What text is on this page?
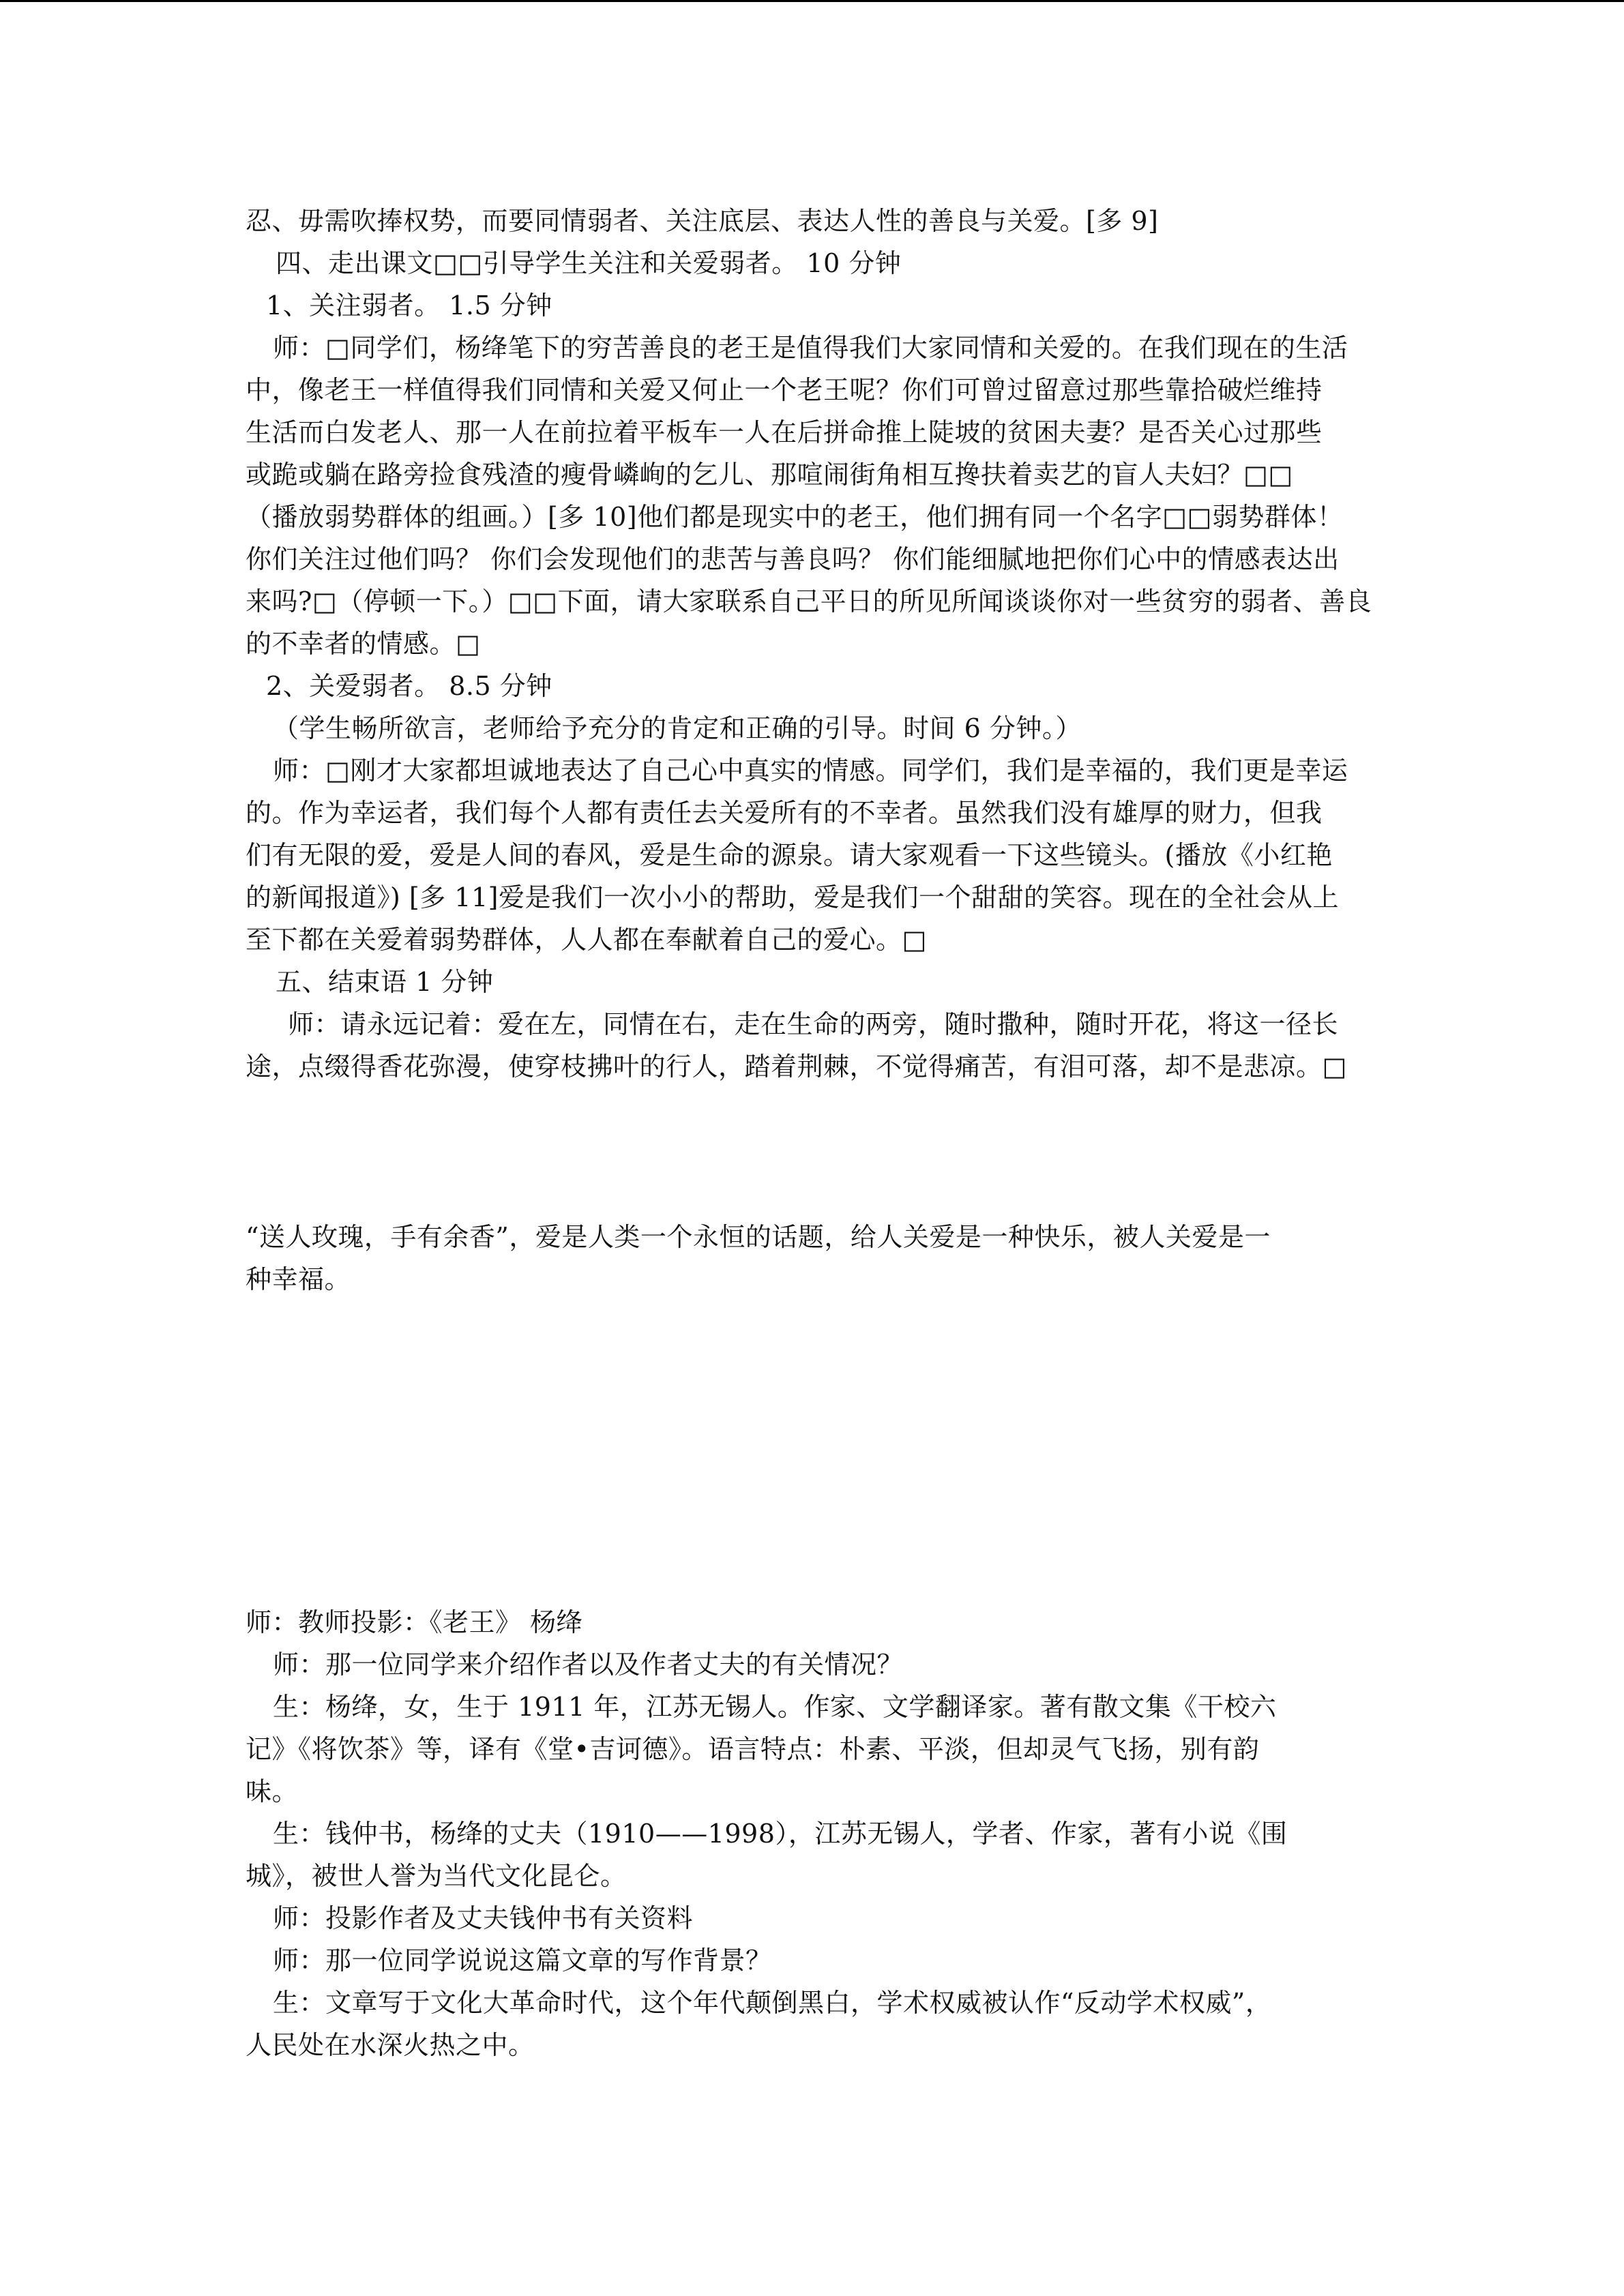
忍、毋需吹捧权势，而要同情弱者、关注底层、表达人性的善良与关爱。[多 9]
四、走出课文□□引导学生关注和关爱弱者。 10 分钟
1、关注弱者。 1.5 分钟
师：□同学们，杨绛笔下的穷苦善良的老王是值得我们大家同情和关爱的。在我们现在的生活
中，像老王一样值得我们同情和关爱又何止一个老王呢？你们可曾过留意过那些靠拾破烂维持
生活而白发老人、那一人在前拉着平板车一人在后拼命推上陡坡的贫困夫妻？是否关心过那些
或跪或躺在路旁捡食残渣的瘦骨嶙峋的乞儿、那喧闹街角相互搀扶着卖艺的盲人夫妇？□□
（播放弱势群体的组画。）[多 10]他们都是现实中的老王，他们拥有同一个名字□□弱势群体！
你们关注过他们吗？ 你们会发现他们的悲苦与善良吗？ 你们能细腻地把你们心中的情感表达出
来吗?□（停顿一下。）□□下面，请大家联系自己平日的所见所闻谈谈你对一些贫穷的弱者、善良
的不幸者的情感。□
2、关爱弱者。 8.5 分钟
（学生畅所欲言，老师给予充分的肯定和正确的引导。时间 6 分钟。）
师：□刚才大家都坦诚地表达了自己心中真实的情感。同学们，我们是幸福的，我们更是幸运
的。作为幸运者，我们每个人都有责任去关爱所有的不幸者。虽然我们没有雄厚的财力，但我
们有无限的爱，爱是人间的春风，爱是生命的源泉。请大家观看一下这些镜头。(播放《小红艳
的新闻报道》) [多 11]爱是我们一次小小的帮助，爱是我们一个甜甜的笑容。现在的全社会从上
至下都在关爱着弱势群体，人人都在奉献着自己的爱心。□
五、结束语 1 分钟
师：请永远记着：爱在左，同情在右，走在生命的两旁，随时撒种，随时开花，将这一径长
途，点缀得香花弥漫，使穿枝拂叶的行人，踏着荆棘，不觉得痛苦，有泪可落，却不是悲凉。□
“送人玫瑰，手有余香”，爱是人类一个永恒的话题，给人关爱是一种快乐，被人关爱是一
种幸福。
师：教师投影：《老王》 杨绛
师：那一位同学来介绍作者以及作者丈夫的有关情况？
生：杨绛，女，生于 1911 年，江苏无锡人。作家、文学翻译家。著有散文集《干校六
记》《将饮茶》等，译有《堂•吉诃德》。语言特点：朴素、平淡，但却灵气飞扬，别有韵
味。
生：钱仲书，杨绛的丈夫（1910——1998），江苏无锡人，学者、作家，著有小说《围
城》，被世人誉为当代文化昆仑。
师：投影作者及丈夫钱仲书有关资料
师：那一位同学说说这篇文章的写作背景？
生：文章写于文化大革命时代，这个年代颠倒黑白，学术权威被认作“反动学术权威”，
人民处在水深火热之中。
